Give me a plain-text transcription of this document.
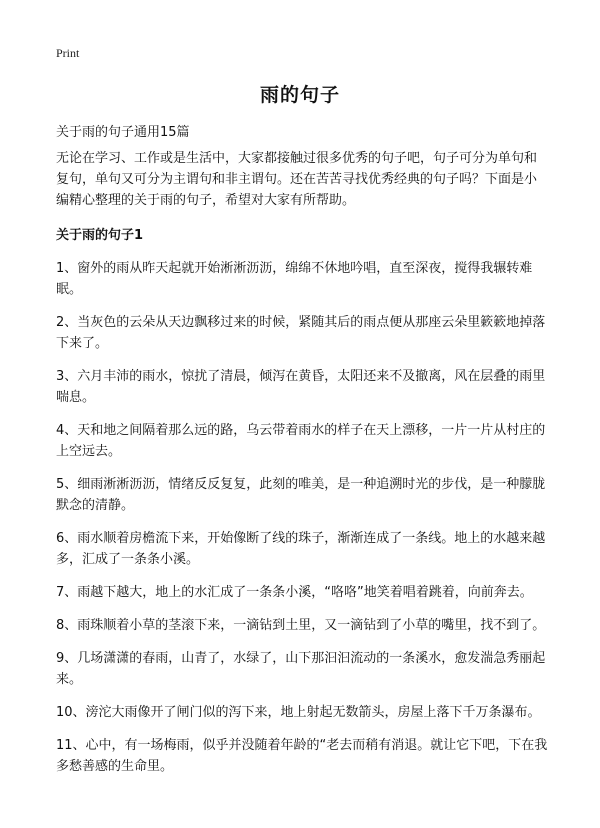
Print
雨的句子
关于雨的句子通用15篇

无论在学习、工作或是生活中，大家都接触过很多优秀的句子吧，句子可分为单句和复句，单句又可分为主谓句和非主谓句。还在苦苦寻找优秀经典的句子吗？下面是小编精心整理的关于雨的句子，希望对大家有所帮助。

关于雨的句子1

1、窗外的雨从昨天起就开始淅淅沥沥，绵绵不休地吟唱，直至深夜，搅得我辗转难眠。

2、当灰色的云朵从天边飘移过来的时候，紧随其后的雨点便从那座云朵里簌簌地掉落下来了。

3、六月丰沛的雨水，惊扰了清晨，倾泻在黄昏，太阳还来不及撤离，风在层叠的雨里喘息。

4、天和地之间隔着那么远的路，乌云带着雨水的样子在天上漂移，一片一片从村庄的上空远去。

5、细雨淅淅沥沥，情绪反反复复，此刻的唯美，是一种追溯时光的步伐，是一种朦胧默念的清静。

6、雨水顺着房檐流下来，开始像断了线的珠子，渐渐连成了一条线。地上的水越来越多，汇成了一条条小溪。

7、雨越下越大，地上的水汇成了一条条小溪，“咯咯”地笑着唱着跳着，向前奔去。

8、雨珠顺着小草的茎滚下来，一滴钻到土里，又一滴钻到了小草的嘴里，找不到了。

9、几场潇潇的春雨，山青了，水绿了，山下那汩汩流动的一条溪水，愈发湍急秀丽起来。

10、滂沱大雨像开了闸门似的泻下来，地上射起无数箭头，房屋上落下千万条瀑布。

11、心中，有一场梅雨，似乎并没随着年龄的“老去而稍有消退。就让它下吧，下在我多愁善感的生命里。
